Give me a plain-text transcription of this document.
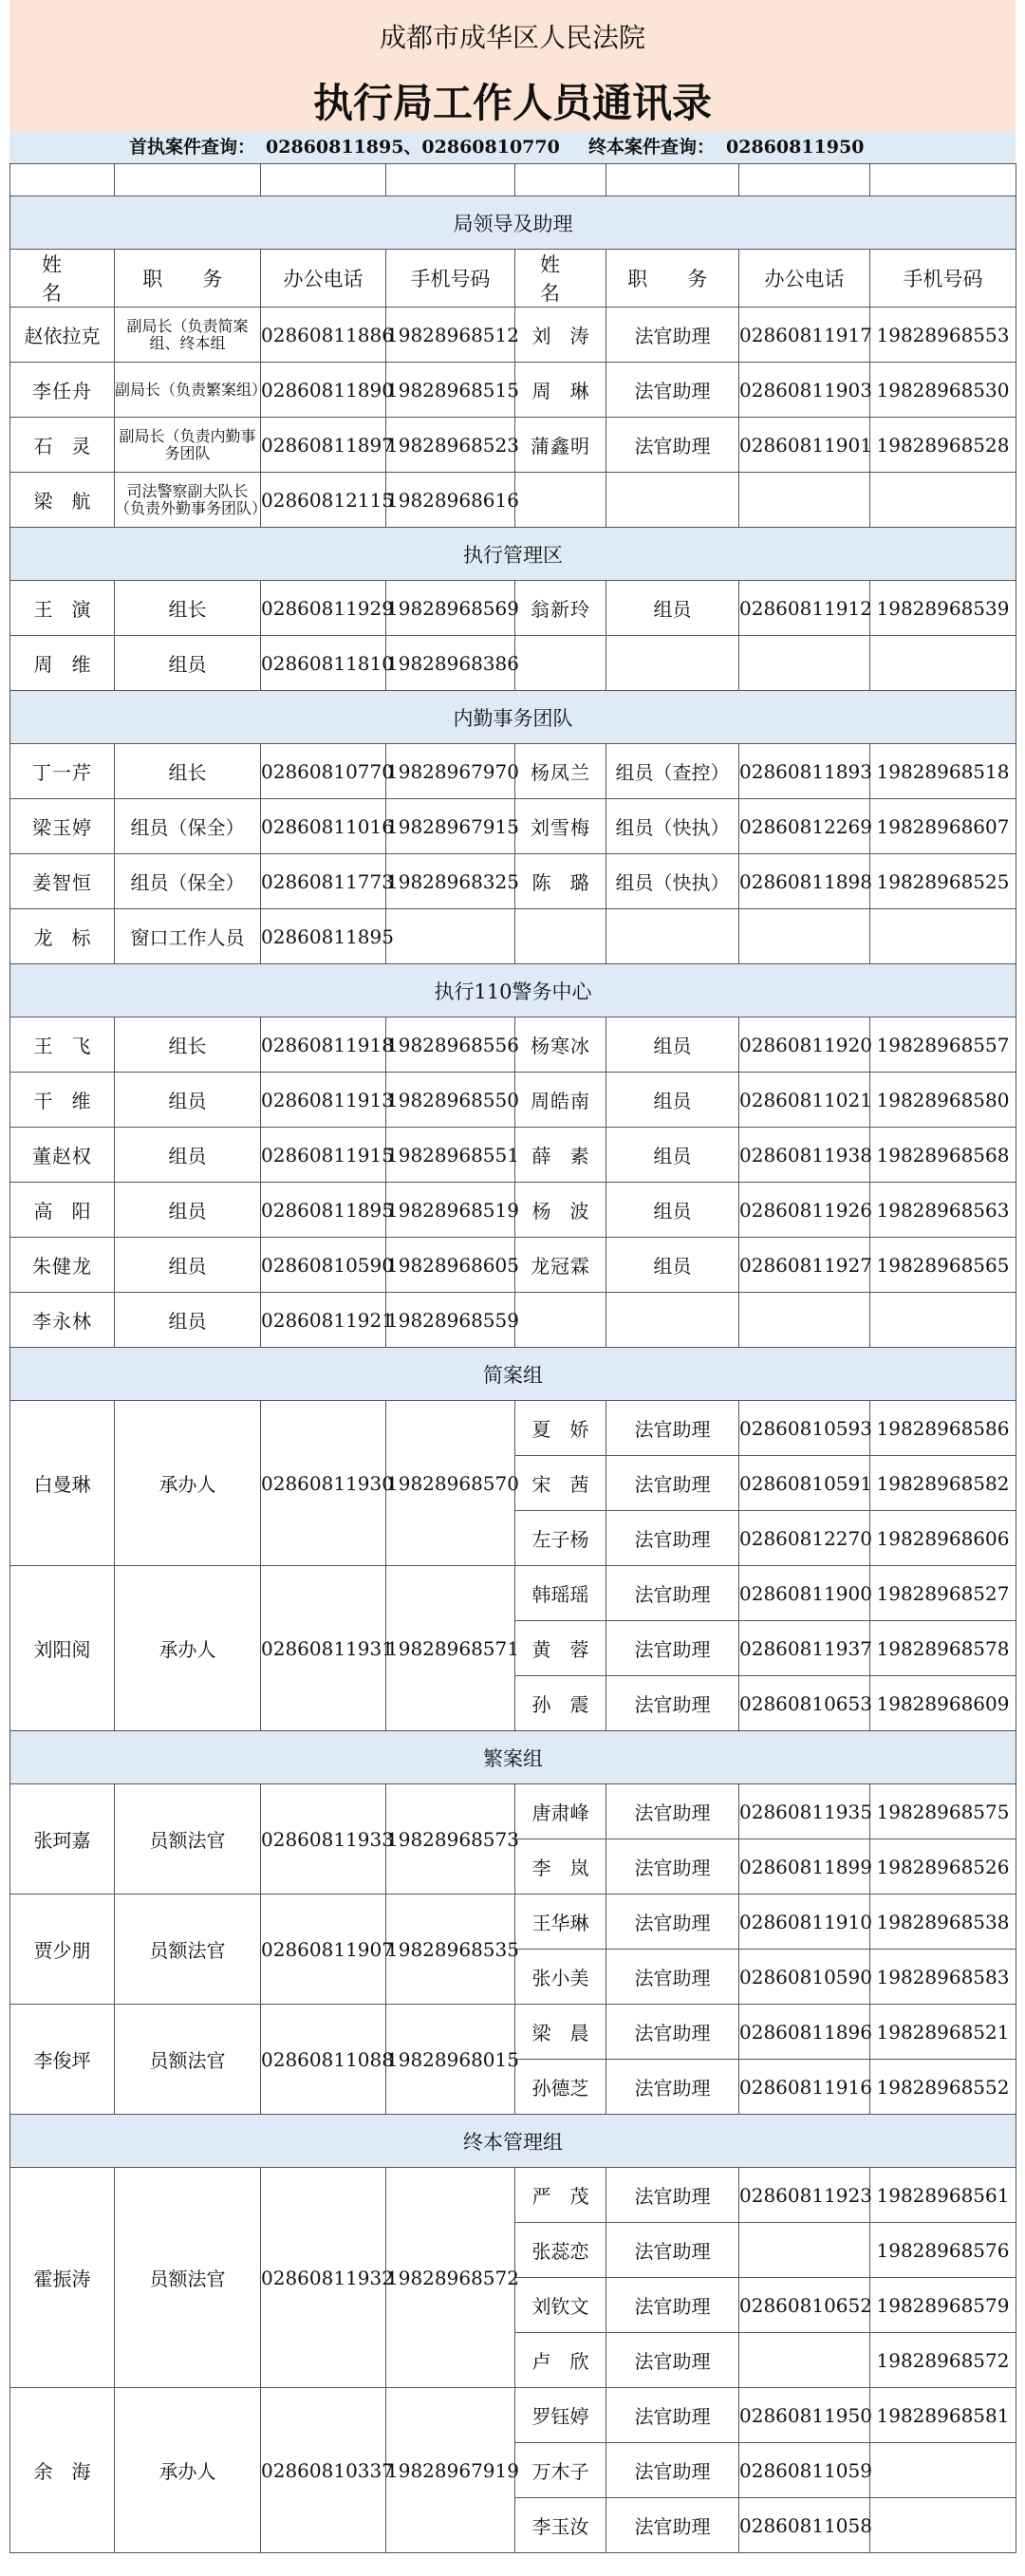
成都市成华区人民法院
执行局工作人员通讯录
首执案件查询： 02860811895、02860810770 终本案件查询： 02860811950

局领导及助理							
姓　名	职　务	办公电话	手机号码	姓　名	职　务	办公电话	手机号码
赵依拉克	副局长（负责简案组、终本组	02860811886	19828968512	刘　涛	法官助理	02860811917	19828968553
李任舟	副局长（负责繁案组）	02860811890	19828968515	周　琳	法官助理	02860811903	19828968530
石　灵	副局长（负责内勤事务团队	02860811897	19828968523	蒲鑫明	法官助理	02860811901	19828968528
梁　航	司法警察副大队长（负责外勤事务团队）	02860812115	19828968616				
执行管理区							
王　演	组长	02860811929	19828968569	翁新玲	组员	02860811912	19828968539
周　维	组员	02860811810	19828968386				
内勤事务团队							
丁一芹	组长	02860810770	19828967970	杨凤兰	组员（查控）	02860811893	19828968518
梁玉婷	组员（保全）	02860811016	19828967915	刘雪梅	组员（快执）	02860812269	19828968607
姜智恒	组员（保全）	02860811773	19828968325	陈　璐	组员（快执）	02860811898	19828968525
龙　标	窗口工作人员	02860811895					
执行110警务中心							
王　飞	组长	02860811918	19828968556	杨寒冰	组员	02860811920	19828968557
干　维	组员	02860811913	19828968550	周皓南	组员	02860811021	19828968580
董赵权	组员	02860811915	19828968551	薛　素	组员	02860811938	19828968568
高　阳	组员	02860811895	19828968519	杨　波	组员	02860811926	19828968563
朱健龙	组员	02860810590	19828968605	龙冠霖	组员	02860811927	19828968565
李永林	组员	02860811921	19828968559				
简案组							
白曼琳	承办人	02860811930	19828968570	夏　娇	法官助理	02860810593	19828968586
				宋　茜	法官助理	02860810591	19828968582
				左子杨	法官助理	02860812270	19828968606
刘阳阅	承办人	02860811931	19828968571	韩瑶瑶	法官助理	02860811900	19828968527
				黄　蓉	法官助理	02860811937	19828968578
				孙　震	法官助理	02860810653	19828968609
繁案组							
张珂嘉	员额法官	02860811933	19828968573	唐肃峰	法官助理	02860811935	19828968575
				李　岚	法官助理	02860811899	19828968526
贾少朋	员额法官	02860811907	19828968535	王华琳	法官助理	02860811910	19828968538
				张小美	法官助理	02860810590	19828968583
李俊坪	员额法官	02860811088	19828968015	梁　晨	法官助理	02860811896	19828968521
				孙德芝	法官助理	02860811916	19828968552
终本管理组							
霍振涛	员额法官	02860811932	19828968572	严　茂	法官助理	02860811923	19828968561
				张蕊恋	法官助理		19828968576
				刘钦文	法官助理	02860810652	19828968579
				卢　欣	法官助理		19828968572
余　海	承办人	02860810337	19828967919	罗钰婷	法官助理	02860811950	19828968581
				万木子	法官助理	02860811059	
				李玉汝	法官助理	02860811058	
